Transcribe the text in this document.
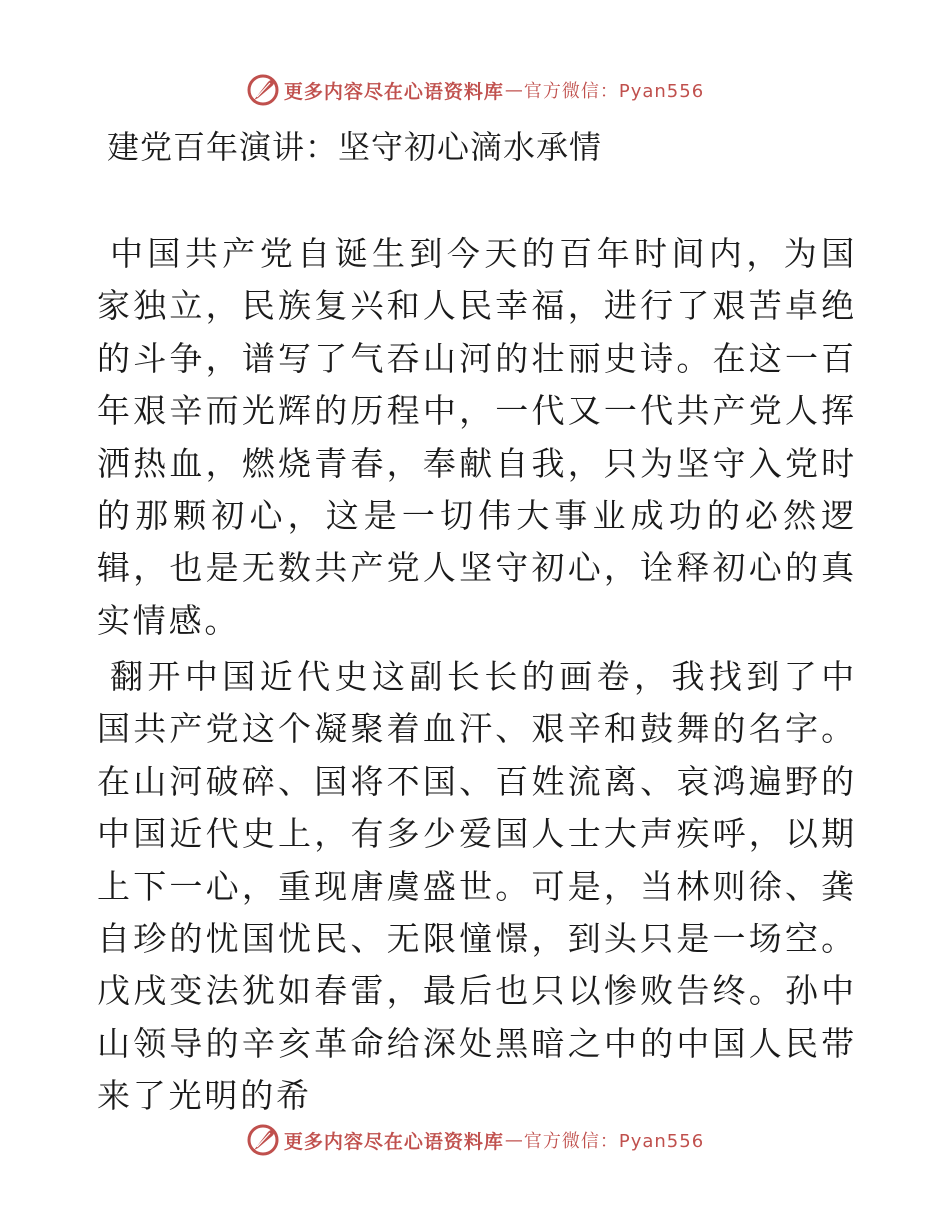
更多内容尽在心语资料库 — 官方微信：Pyan556
建党百年演讲：坚守初心滴水承情

中国共产党自诞生到今天的百年时间内，为国家独立，民族复兴和人民幸福，进行了艰苦卓绝的斗争，谱写了气吞山河的壮丽史诗。在这一百年艰辛而光辉的历程中，一代又一代共产党人挥洒热血，燃烧青春，奉献自我，只为坚守入党时的那颗初心，这是一切伟大事业成功的必然逻辑，也是无数共产党人坚守初心，诠释初心的真实情感。

翻开中国近代史这副长长的画卷，我找到了中国共产党这个凝聚着血汗、艰辛和鼓舞的名字。在山河破碎、国将不国、百姓流离、哀鸿遍野的中国近代史上，有多少爱国人士大声疾呼，以期上下一心，重现唐虞盛世。可是，当林则徐、龚自珍的忧国忧民、无限憧憬，到头只是一场空。戊戌变法犹如春雷，最后也只以惨败告终。孙中山领导的辛亥革命给深处黑暗之中的中国人民带来了光明的希

更多内容尽在心语资料库 — 官方微信：Pyan556
